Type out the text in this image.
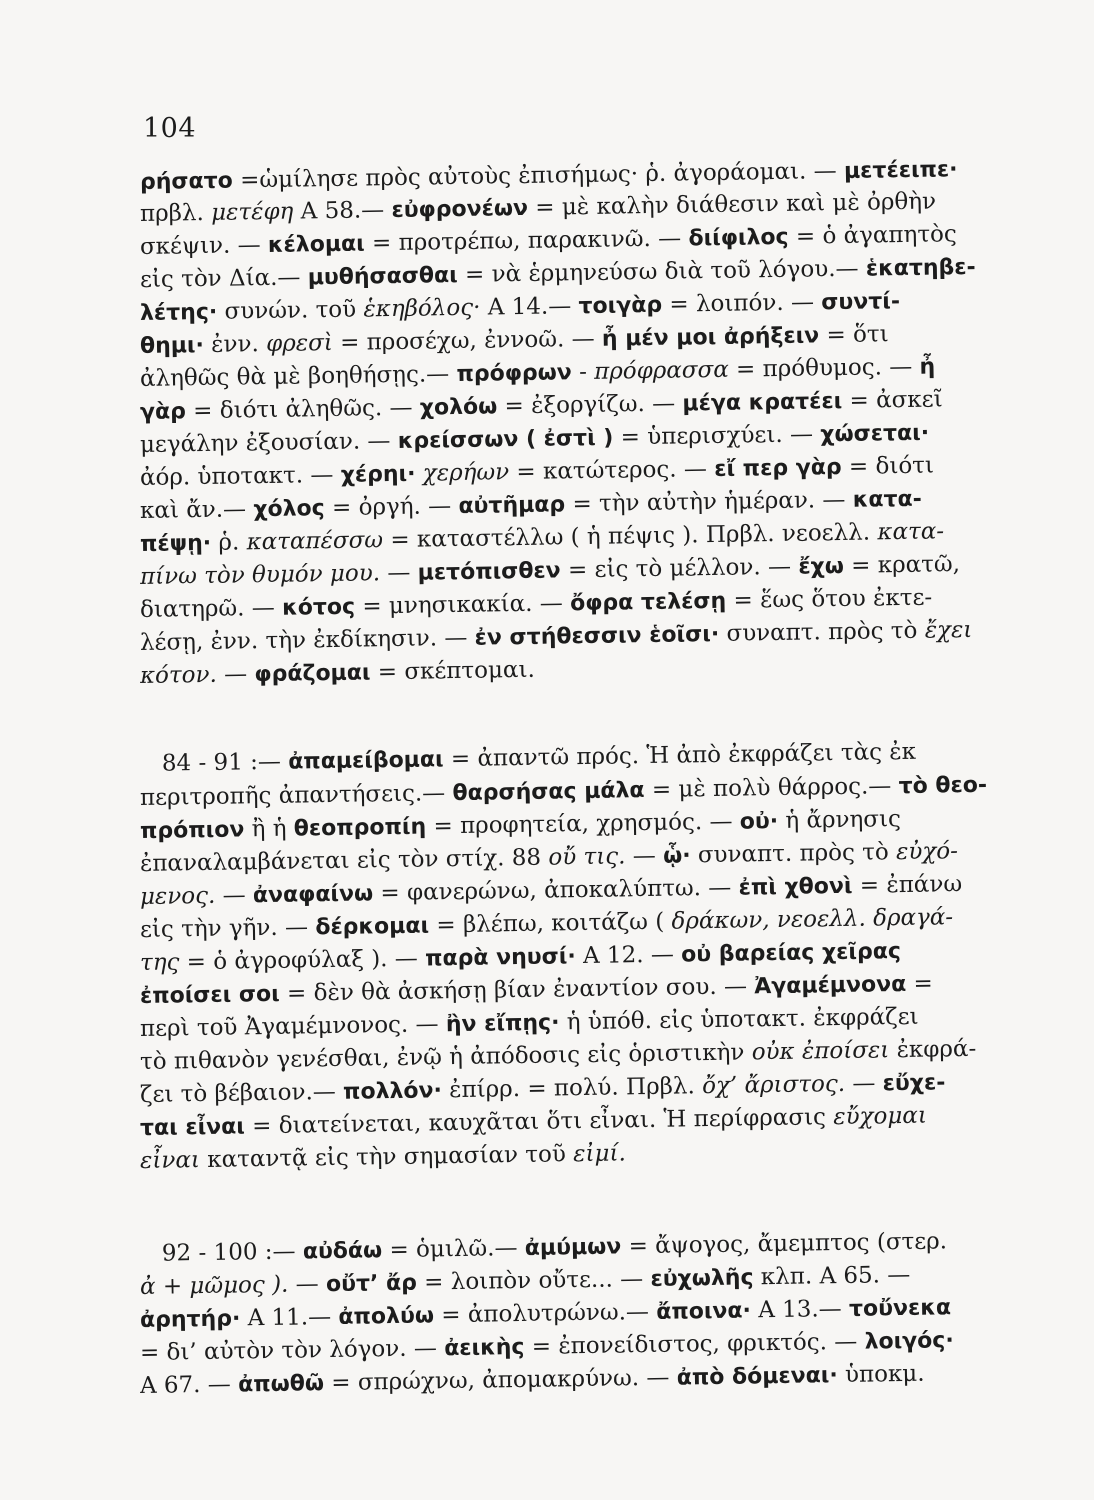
104
ρήσατο =ὡμίλησε πρὸς αὐτοὺς ἐπισήμως· ῥ. ἀγοράομαι. — μετέειπε·
πρβλ. μετέφη Α 58.— εὐφρονέων = μὲ καλὴν διάθεσιν καὶ μὲ ὀρθὴν
σκέψιν. — κέλομαι = προτρέπω, παρακινῶ. — διίφιλος = ὁ ἀγαπητὸς
εἰς τὸν Δία.— μυθήσασθαι = νὰ ἑρμηνεύσω διὰ τοῦ λόγου.— ἑκατηβε-
λέτης· συνών. τοῦ ἑκηβόλος· Α 14.— τοιγὰρ = λοιπόν. — συντί-
θημι· ἐνν. φρεσὶ = προσέχω, ἐννοῶ. — ἦ μέν μοι ἀρήξειν = ὅτι
ἀληθῶς θὰ μὲ βοηθήσῃς.— πρόφρων - πρόφρασσα = πρόθυμος. — ἦ
γὰρ = διότι ἀληθῶς. — χολόω = ἐξοργίζω. — μέγα κρατέει = ἀσκεῖ
μεγάλην ἐξουσίαν. — κρείσσων ( ἐστὶ ) = ὑπερισχύει. — χώσεται·
ἀόρ. ὑποτακτ. — χέρηι· χερήων = κατώτερος. — εἴ περ γὰρ = διότι
καὶ ἄν.— χόλος = ὀργή. — αὐτῆμαρ = τὴν αὐτὴν ἡμέραν. — κατα-
πέψῃ· ῥ. καταπέσσω = καταστέλλω ( ἡ πέψις ). Πρβλ. νεοελλ. κατα-
πίνω τὸν θυμόν μου. — μετόπισθεν = εἰς τὸ μέλλον. — ἔχω = κρατῶ,
διατηρῶ. — κότος = μνησικακία. — ὄφρα τελέσῃ = ἕως ὅτου ἐκτε-
λέσῃ, ἐνν. τὴν ἐκδίκησιν. — ἐν στήθεσσιν ἑοῖσι· συναπτ. πρὸς τὸ ἔχει
κότον. — φράζομαι = σκέπτομαι.
84 - 91 :— ἀπαμείβομαι = ἀπαντῶ πρός. Ἡ ἀπὸ ἐκφράζει τὰς ἐκ
περιτροπῆς ἀπαντήσεις.— θαρσήσας μάλα = μὲ πολὺ θάρρος.— τὸ θεο-
πρόπιον ἢ ἡ θεοπροπίη = προφητεία, χρησμός. — οὐ· ἡ ἄρνησις
ἐπαναλαμβάνεται εἰς τὸν στίχ. 88 οὔ τις. — ᾧ· συναπτ. πρὸς τὸ εὐχό-
μενος. — ἀναφαίνω = φανερώνω, ἀποκαλύπτω. — ἐπὶ χθονὶ = ἐπάνω
εἰς τὴν γῆν. — δέρκομαι = βλέπω, κοιτάζω ( δράκων, νεοελλ. δραγά-
της = ὁ ἀγροφύλαξ ). — παρὰ νηυσί· Α 12. — οὐ βαρείας χεῖρας
ἐποίσει σοι = δὲν θὰ ἀσκήσῃ βίαν ἐναντίον σου. — Ἀγαμέμνονα =
περὶ τοῦ Ἀγαμέμνονος. — ἢν εἴπῃς· ἡ ὑπόθ. εἰς ὑποτακτ. ἐκφράζει
τὸ πιθανὸν γενέσθαι, ἐνῷ ἡ ἀπόδοσις εἰς ὁριστικὴν οὐκ ἐποίσει ἐκφρά-
ζει τὸ βέβαιον.— πολλόν· ἐπίρρ. = πολύ. Πρβλ. ὄχ’ ἄριστος. — εὔχε-
ται εἶναι = διατείνεται, καυχᾶται ὅτι εἶναι. Ἡ περίφρασις εὔχομαι
εἶναι καταντᾷ εἰς τὴν σημασίαν τοῦ εἰμί.
92 - 100 :— αὐδάω = ὁμιλῶ.— ἀμύμων = ἄψογος, ἄμεμπτος (στερ.
ἀ + μῶμος ). — οὔτ’ ἄρ = λοιπὸν οὔτε... — εὐχωλῆς κλπ. Α 65. —
ἀρητήρ· Α 11.— ἀπολύω = ἀπολυτρώνω.— ἄποινα· Α 13.— τοὔνεκα
= δι’ αὐτὸν τὸν λόγον. — ἀεικὴς = ἐπονείδιστος, φρικτός. — λοιγός·
Α 67. — ἀπωθῶ = σπρώχνω, ἀπομακρύνω. — ἀπὸ δόμεναι· ὑποκμ.
